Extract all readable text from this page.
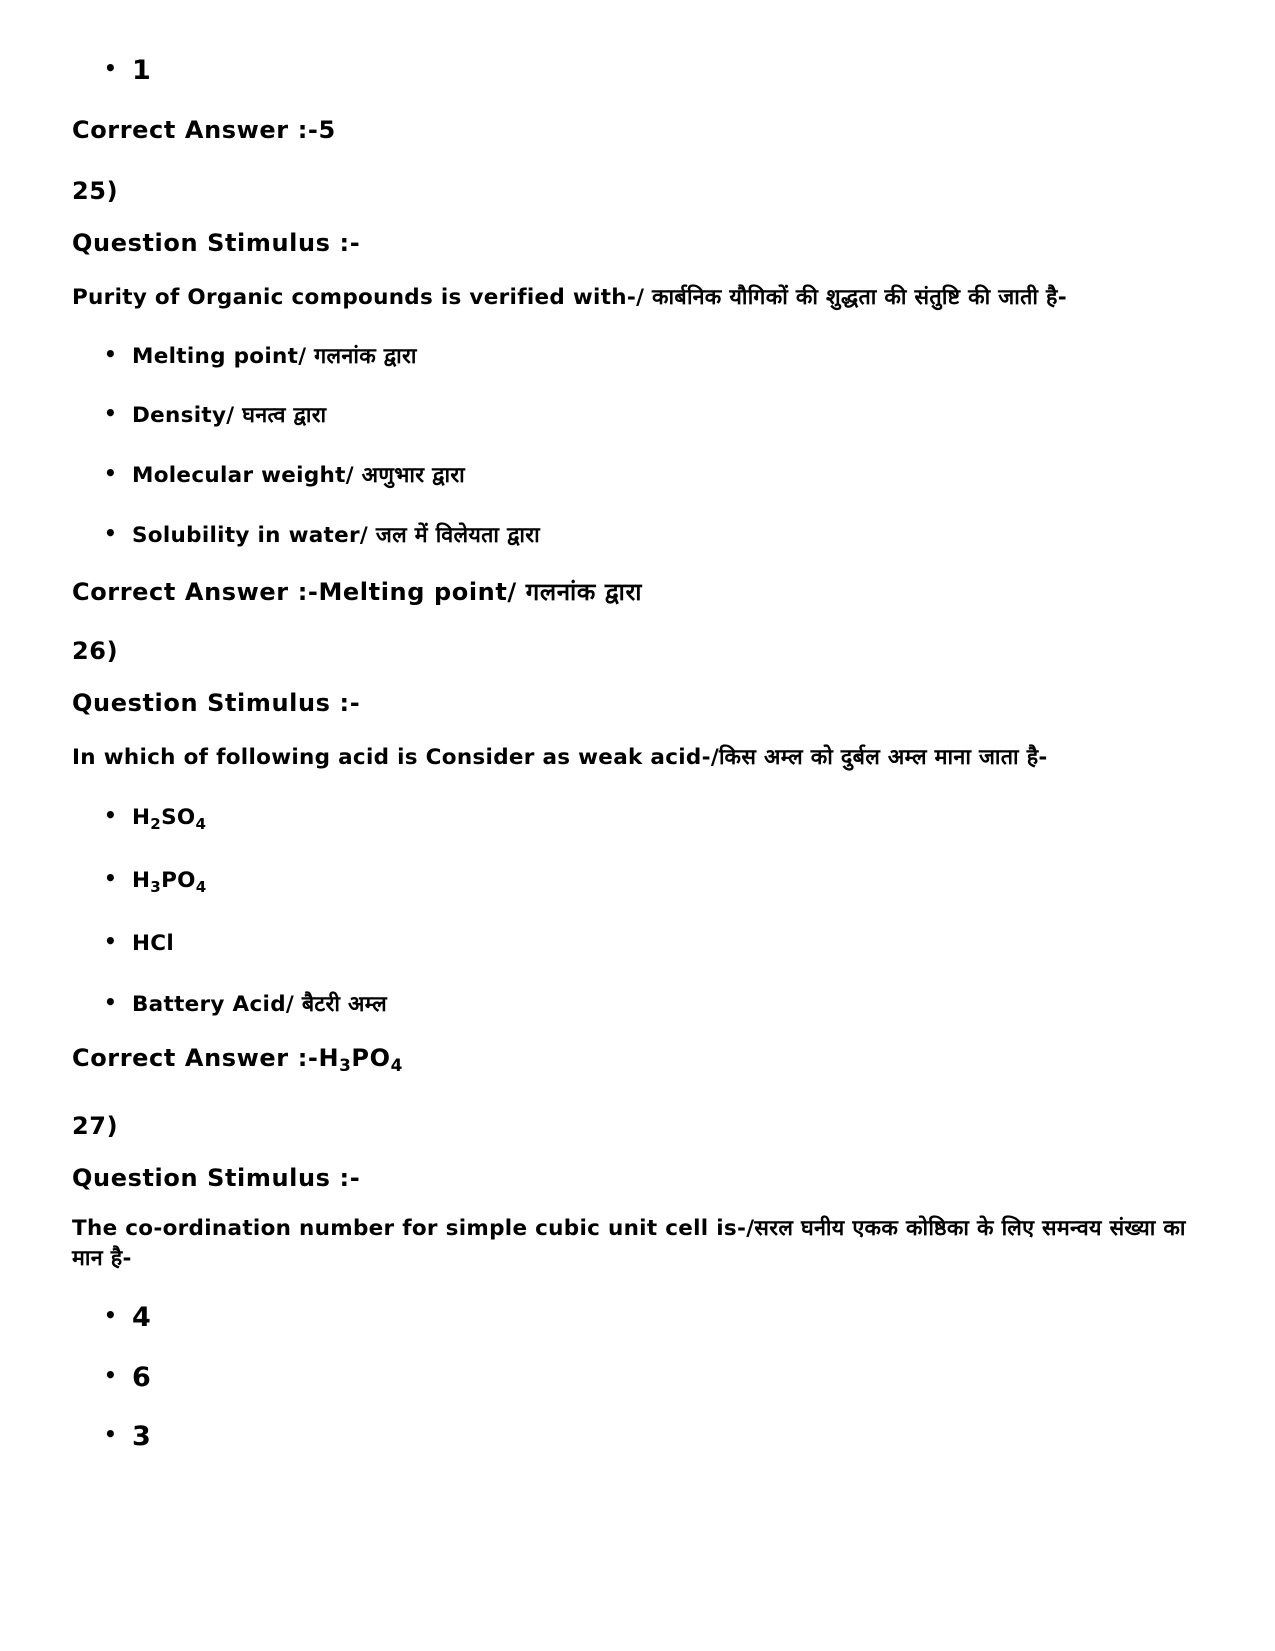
• 1
Correct Answer :-5
25)
Question Stimulus :-
Purity of Organic compounds is verified with-/ कार्बनिक यौगिकों की शुद्धता की संतुष्टि की जाती है-
• Melting point/ गलनांक द्वारा
• Density/ घनत्व द्वारा
• Molecular weight/ अणुभार द्वारा
• Solubility in water/ जल में विलेयता द्वारा
Correct Answer :-Melting point/ गलनांक द्वारा
26)
Question Stimulus :-
In which of following acid is Consider as weak acid-/किस अम्ल को दुर्बल अम्ल माना जाता है-
• $H_2SO_4$
• $H_3PO_4$
• HCl
• Battery Acid/ बैटरी अम्ल
Correct Answer $:-H_3PO_4$
27)
Question Stimulus :-
The co-ordination number for simple cubic unit cell is-/सरल घनीय एकक कोष्ठिका के लिए समन्वय संख्या का मान है-
• 4
• 6
• 3
